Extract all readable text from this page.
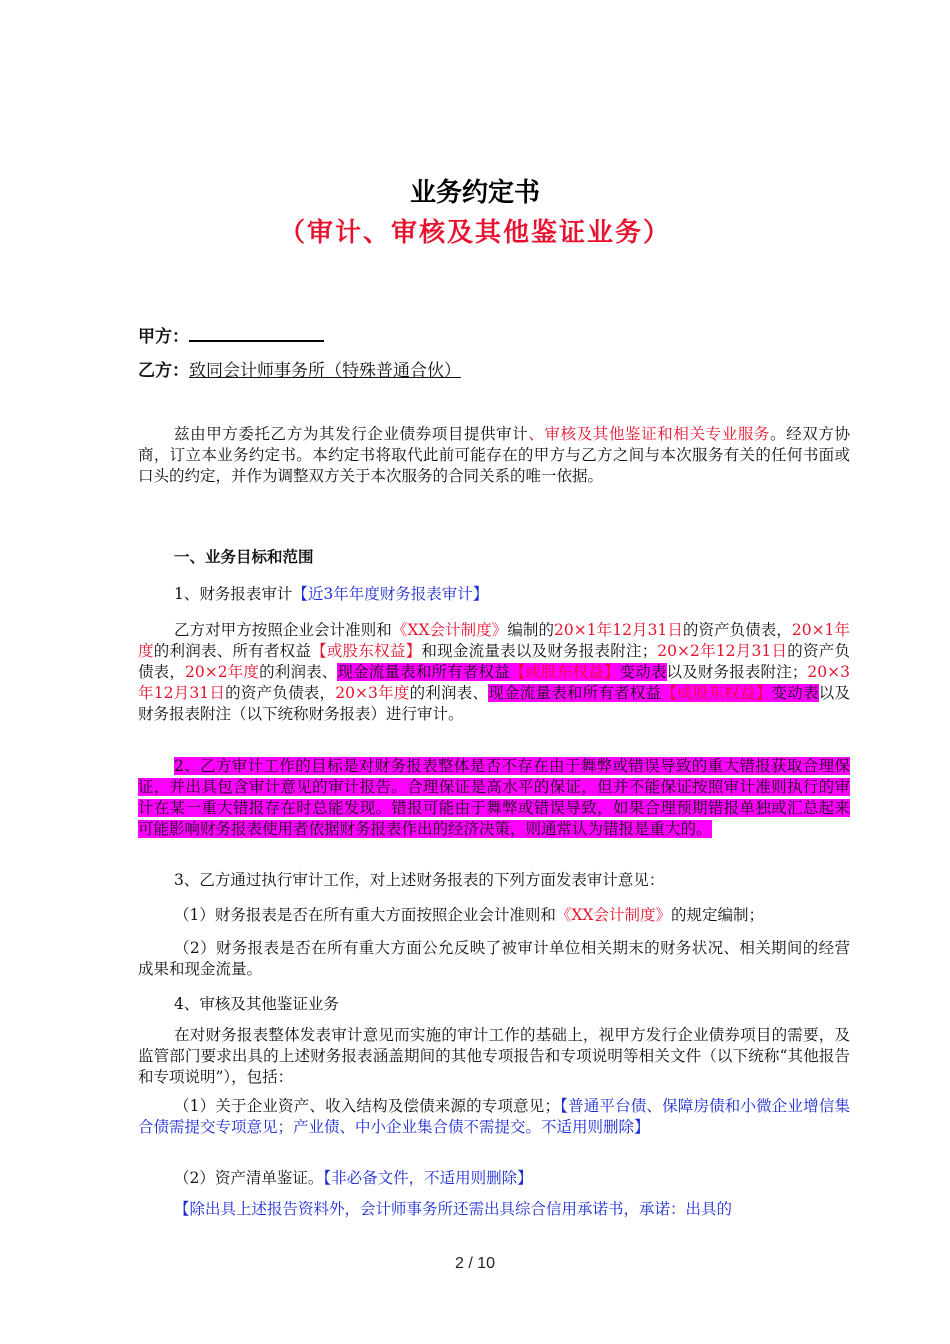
业务约定书
（审计、审核及其他鉴证业务）
甲方：
乙方：致同会计师事务所（特殊普通合伙）
兹由甲方委托乙方为其发行企业债券项目提供审计、审核及其他鉴证和相关专业服务。经双方协商，订立本业务约定书。本约定书将取代此前可能存在的甲方与乙方之间与本次服务有关的任何书面或口头的约定，并作为调整双方关于本次服务的合同关系的唯一依据。
一、业务目标和范围
1、财务报表审计【近3年年度财务报表审计】
乙方对甲方按照企业会计准则和《XX会计制度》编制的20×1年12月31日的资产负债表，20×1年度的利润表、所有者权益【或股东权益】和现金流量表以及财务报表附注；20×2年12月31日的资产负债表，20×2年度的利润表、现金流量表和所有者权益【或股东权益】变动表以及财务报表附注；20×3年12月31日的资产负债表，20×3年度的利润表、现金流量表和所有者权益【或股东权益】变动表以及财务报表附注（以下统称财务报表）进行审计。
2、乙方审计工作的目标是对财务报表整体是否不存在由于舞弊或错误导致的重大错报获取合理保证，并出具包含审计意见的审计报告。合理保证是高水平的保证，但并不能保证按照审计准则执行的审计在某一重大错报存在时总能发现。错报可能由于舞弊或错误导致，如果合理预期错报单独或汇总起来可能影响财务报表使用者依据财务报表作出的经济决策，则通常认为错报是重大的。
3、乙方通过执行审计工作，对上述财务报表的下列方面发表审计意见：
（1）财务报表是否在所有重大方面按照企业会计准则和《XX会计制度》的规定编制；
（2）财务报表是否在所有重大方面公允反映了被审计单位相关期末的财务状况、相关期间的经营成果和现金流量。
4、审核及其他鉴证业务
在对财务报表整体发表审计意见而实施的审计工作的基础上，视甲方发行企业债券项目的需要，及监管部门要求出具的上述财务报表涵盖期间的其他专项报告和专项说明等相关文件（以下统称“其他报告和专项说明”），包括：
（1）关于企业资产、收入结构及偿债来源的专项意见；【普通平台债、保障房债和小微企业增信集合债需提交专项意见；产业债、中小企业集合债不需提交。不适用则删除】
（2）资产清单鉴证。【非必备文件，不适用则删除】
【除出具上述报告资料外，会计师事务所还需出具综合信用承诺书，承诺：出具的
2 / 10
